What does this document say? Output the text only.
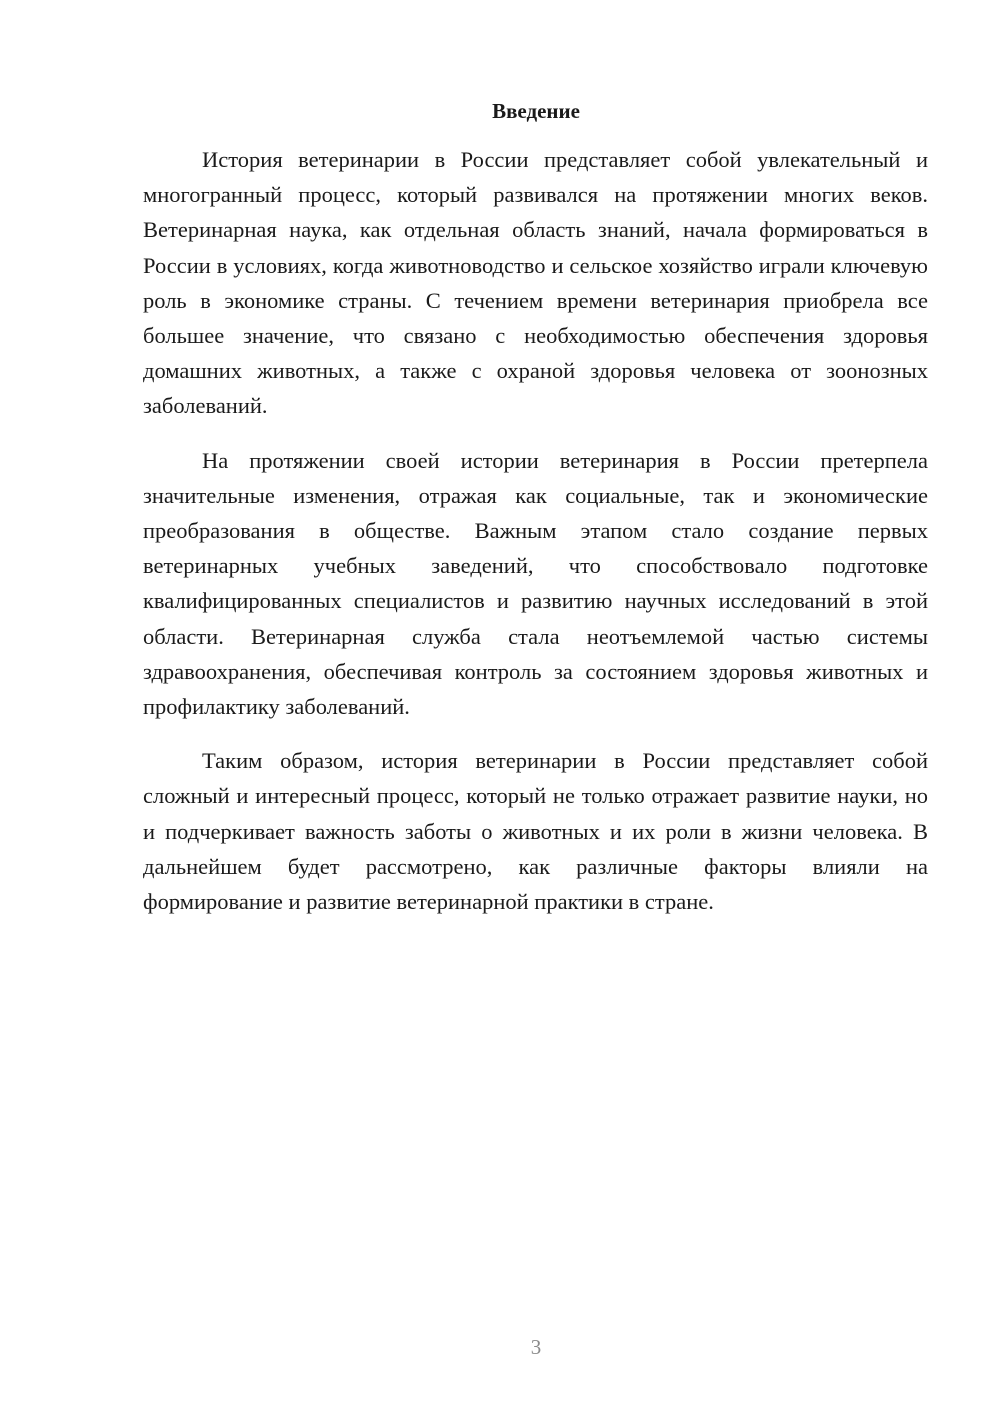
Введение

История ветеринарии в России представляет собой увлекательный и многогранный процесс, который развивался на протяжении многих веков. Ветеринарная наука, как отдельная область знаний, начала формироваться в России в условиях, когда животноводство и сельское хозяйство играли ключевую роль в экономике страны. С течением времени ветеринария приобрела все большее значение, что связано с необходимостью обеспечения здоровья домашних животных, а также с охраной здоровья человека от зоонозных заболеваний.

На протяжении своей истории ветеринария в России претерпела значительные изменения, отражая как социальные, так и экономические преобразования в обществе. Важным этапом стало создание первых ветеринарных учебных заведений, что способствовало подготовке квалифицированных специалистов и развитию научных исследований в этой области. Ветеринарная служба стала неотъемлемой частью системы здравоохранения, обеспечивая контроль за состоянием здоровья животных и профилактику заболеваний.

Таким образом, история ветеринарии в России представляет собой сложный и интересный процесс, который не только отражает развитие науки, но и подчеркивает важность заботы о животных и их роли в жизни человека. В дальнейшем будет рассмотрено, как различные факторы влияли на формирование и развитие ветеринарной практики в стране.

3
